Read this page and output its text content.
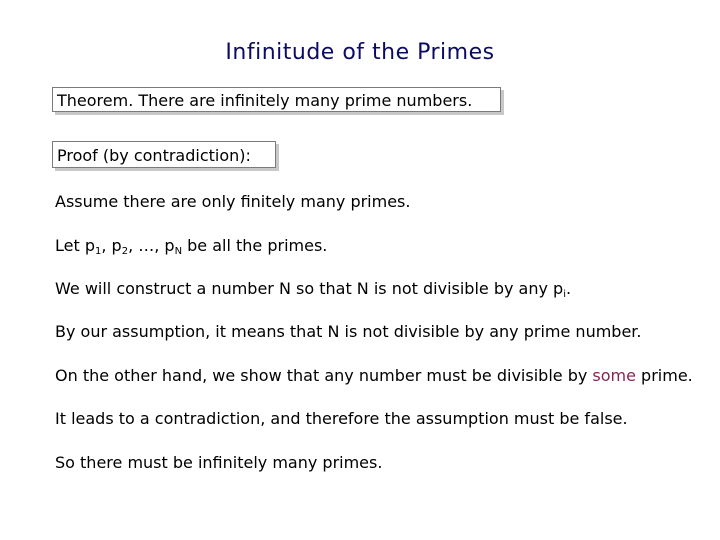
Infinitude of the Primes
Theorem. There are infinitely many prime numbers.
Proof (by contradiction):
Assume there are only finitely many primes.
Let $p_1$, $p_2$, …, $p_N$ be all the primes.
We will construct a number N so that N is not divisible by any $p_i$.
By our assumption, it means that N is not divisible by any prime number.
On the other hand, we show that any number must be divisible by some prime.
It leads to a contradiction, and therefore the assumption must be false.
So there must be infinitely many primes.
